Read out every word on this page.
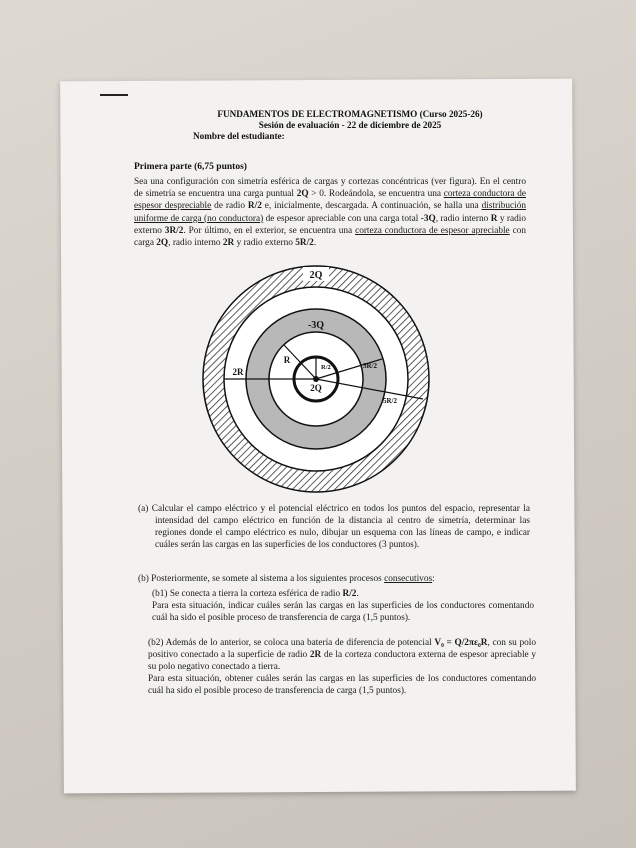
FUNDAMENTOS DE ELECTROMAGNETISMO (Curso 2025-26)
Sesión de evaluación - 22 de diciembre de 2025
Nombre del estudiante:
Primera parte (6,75 puntos)
Sea una configuración con simetría esférica de cargas y cortezas concéntricas (ver figura). En el centro de simetría se encuentra una carga puntual 2Q > 0. Rodeándola, se encuentra una corteza conductora de espesor despreciable de radio R/2 e, inicialmente, descargada. A continuación, se halla una distribución uniforme de carga (no conductora) de espesor apreciable con una carga total -3Q, radio interno R y radio externo 3R/2. Por último, en el exterior, se encuentra una corteza conductora de espesor apreciable con carga 2Q, radio interno 2R y radio externo 5R/2.
2Q
-3Q
2Q
R
R/2	3R/2
2R
5R/2
(a) Calcular el campo eléctrico y el potencial eléctrico en todos los puntos del espacio, representar la intensidad del campo eléctrico en función de la distancia al centro de simetría, determinar las regiones donde el campo eléctrico es nulo, dibujar un esquema con las líneas de campo, e indicar cuáles serán las cargas en las superficies de los conductores (3 puntos).
(b) Posteriormente, se somete al sistema a los siguientes procesos consecutivos:
(b1) Se conecta a tierra la corteza esférica de radio R/2.
Para esta situación, indicar cuáles serán las cargas en las superficies de los conductores comentando cuál ha sido el posible proceso de transferencia de carga (1,5 puntos).
(b2) Además de lo anterior, se coloca una batería de diferencia de potencial V₀ = Q/2πε₀R, con su polo positivo conectado a la superficie de radio 2R de la corteza conductora externa de espesor apreciable y su polo negativo conectado a tierra.
Para esta situación, obtener cuáles serán las cargas en las superficies de los conductores comentando cuál ha sido el posible proceso de transferencia de carga (1,5 puntos).
